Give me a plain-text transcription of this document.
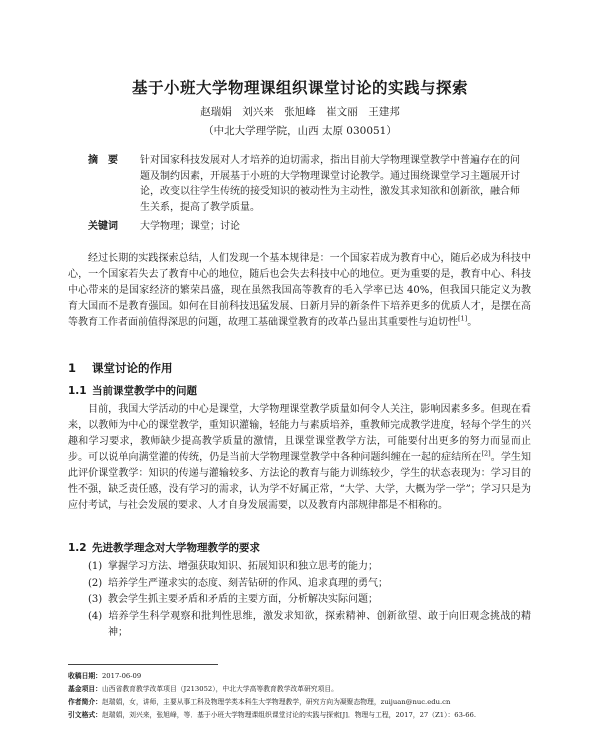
基于小班大学物理课组织课堂讨论的实践与探索
赵瑞娟　刘兴来　张旭峰　崔文丽　王建邦
（中北大学理学院，山西 太原 030051）
摘　要	针对国家科技发展对人才培养的迫切需求，指出目前大学物理课堂教学中普遍存在的问题及制约因素，开展基于小班的大学物理课堂讨论教学。通过围绕课堂学习主题展开讨论，改变以往学生传统的接受知识的被动性为主动性，激发其求知欲和创新欲，融合师生关系，提高了教学质量。
关键词 大学物理；课堂；讨论
经过长期的实践探索总结，人们发现一个基本规律是：一个国家若成为教育中心，随后必成为科技中心，一个国家若失去了教育中心的地位，随后也会失去科技中心的地位。更为重要的是，教育中心、科技中心带来的是国家经济的繁荣昌盛，现在虽然我国高等教育的毛入学率已达 40%，但我国只能定义为教育大国而不是教育强国。如何在目前科技迅猛发展、日新月异的新条件下培养更多的优质人才，是摆在高等教育工作者面前值得深思的问题，故理工基础课堂教育的改革凸显出其重要性与迫切性[1]。
1 课堂讨论的作用
1.1 当前课堂教学中的问题
目前，我国大学活动的中心是课堂，大学物理课堂教学质量如何令人关注，影响因素多多。但现在看来，以教师为中心的课堂教学，重知识灌输，轻能力与素质培养，重教师完成教学进度，轻每个学生的兴趣和学习要求，教师缺少提高教学质量的激情，且课堂课堂教学方法，可能要付出更多的努力而显而止步。可以说单向满堂灌的传统，仍是当前大学物理课堂教学中各种问题纠缠在一起的症结所在[2]。学生知此评价课堂教学：知识的传递与灌输较多、方法论的教育与能力训练较少，学生的状态表现为：学习目的性不强，缺乏责任感，没有学习的需求，认为学不好属正常，“大学、大学，大概为学一学”；学习只是为应付考试，与社会发展的要求、人才自身发展需要，以及教育内部规律都是不相称的。
1.2 先进教学理念对大学物理教学的要求
(1) 掌握学习方法、增强获取知识、拓展知识和独立思考的能力；
(2) 培养学生严谨求实的态度、刻苦钻研的作风、追求真理的勇气；
(3) 教会学生抓主要矛盾和矛盾的主要方面，分析解决实际问题；
(4) 培养学生科学观察和批判性思维，激发求知欲，探索精神、创新欲望、敢于向旧观念挑战的精神；
收稿日期：2017-06-09
基金项目：山西省教育教学改革项目（J213052），中北大学高等教育教学改革研究项目。
作者简介：赵瑞娟，女，讲师，主要从事工科及物理学类本科生大学物理教学，研究方向为凝聚态物理，zuijuan@nuc.edu.cn
引文格式：赵瑞娟，刘兴来，张旭峰，等．基于小班大学物理课组织课堂讨论的实践与探索[J]．物理与工程，2017，27（Z1）：63-66.
